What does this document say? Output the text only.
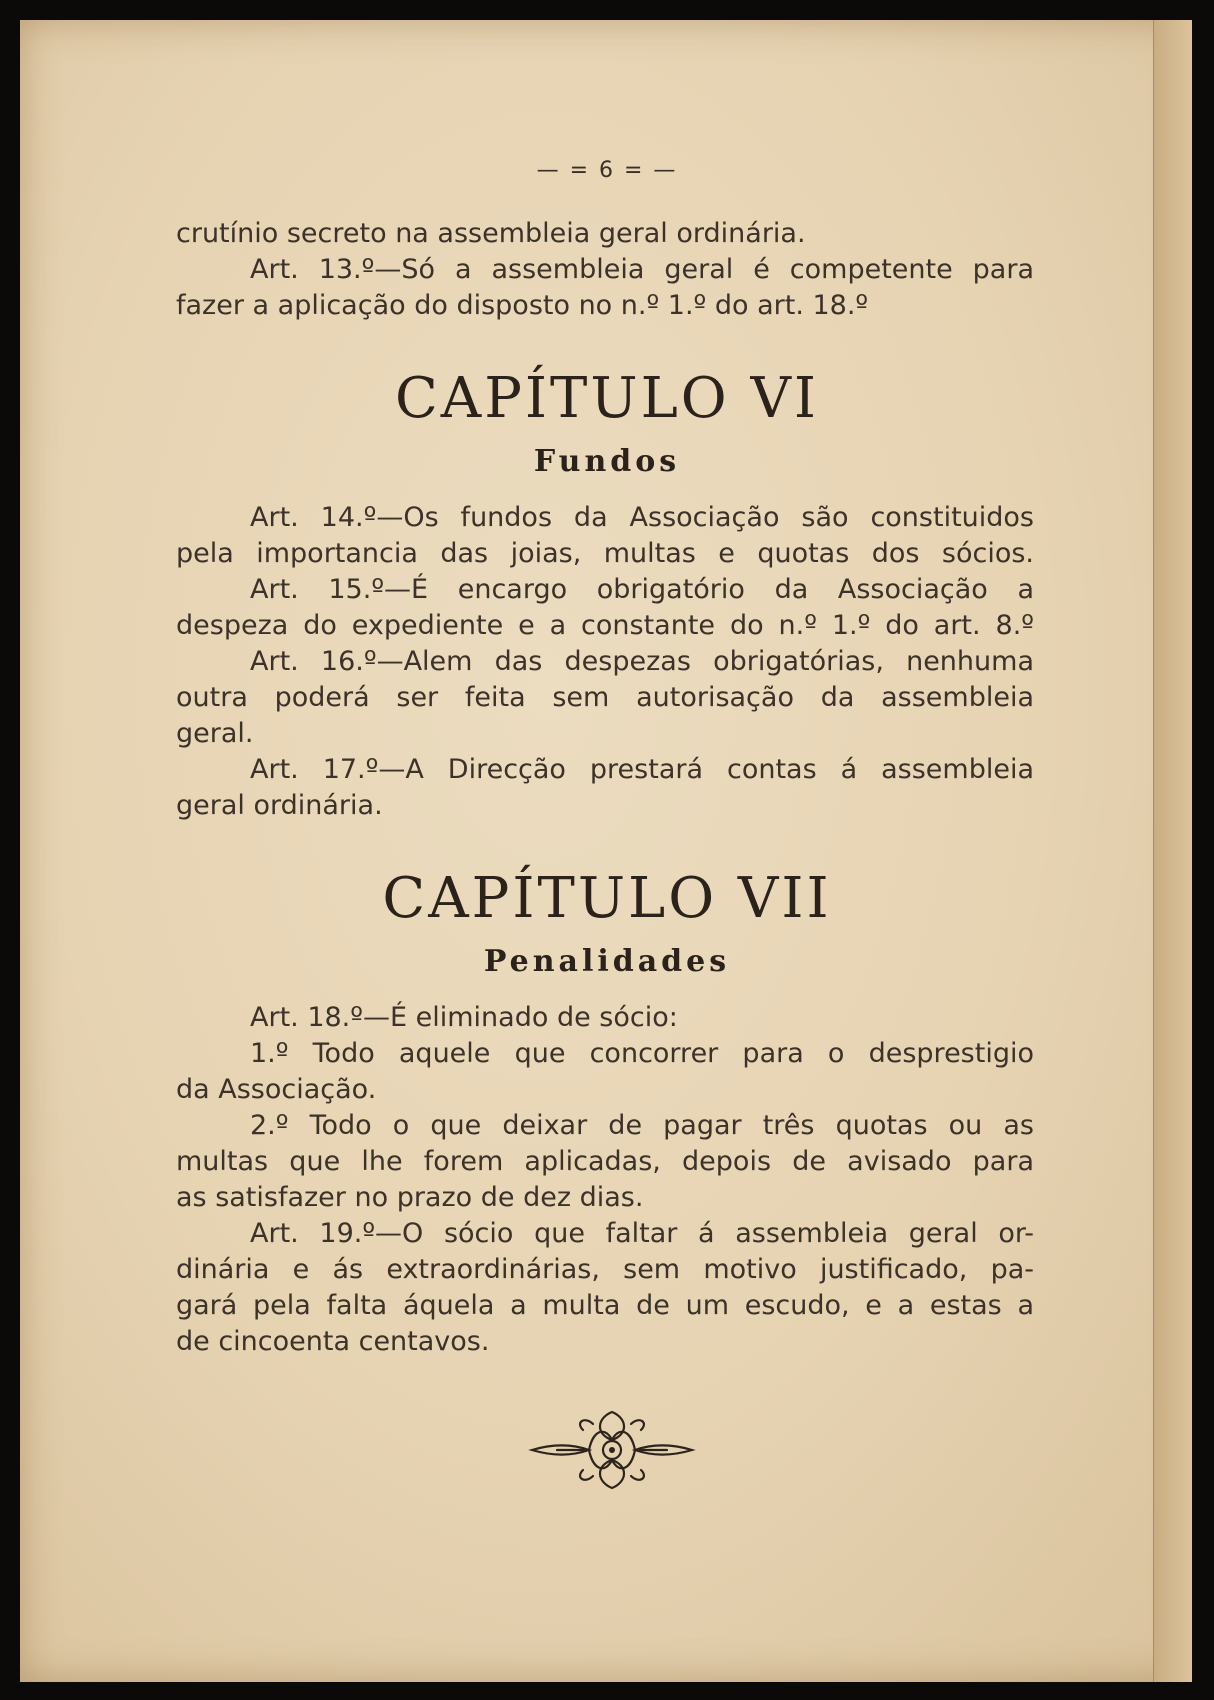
— = 6 = —
crutínio secreto na assembleia geral ordinária.
Art. 13.º—Só a assembleia geral é competente para
fazer a aplicação do disposto no n.º 1.º do art. 18.º
CAPÍTULO VI
Fundos
Art. 14.º—Os fundos da Associação são constituidos
pela importancia das joias, multas e quotas dos sócios.
Art. 15.º—É encargo obrigatório da Associação a
despeza do expediente e a constante do n.º 1.º do art. 8.º
Art. 16.º—Alem das despezas obrigatórias, nenhuma
outra poderá ser feita sem autorisação da assembleia
geral.
Art. 17.º—A Direcção prestará contas á assembleia
geral ordinária.
CAPÍTULO VII
Penalidades
Art. 18.º—É eliminado de sócio:
1.º Todo aquele que concorrer para o desprestigio
da Associação.
2.º Todo o que deixar de pagar três quotas ou as
multas que lhe forem aplicadas, depois de avisado para
as satisfazer no prazo de dez dias.
Art. 19.º—O sócio que faltar á assembleia geral or-
dinária e ás extraordinárias, sem motivo justificado, pa-
gará pela falta áquela a multa de um escudo, e a estas a
de cincoenta centavos.
